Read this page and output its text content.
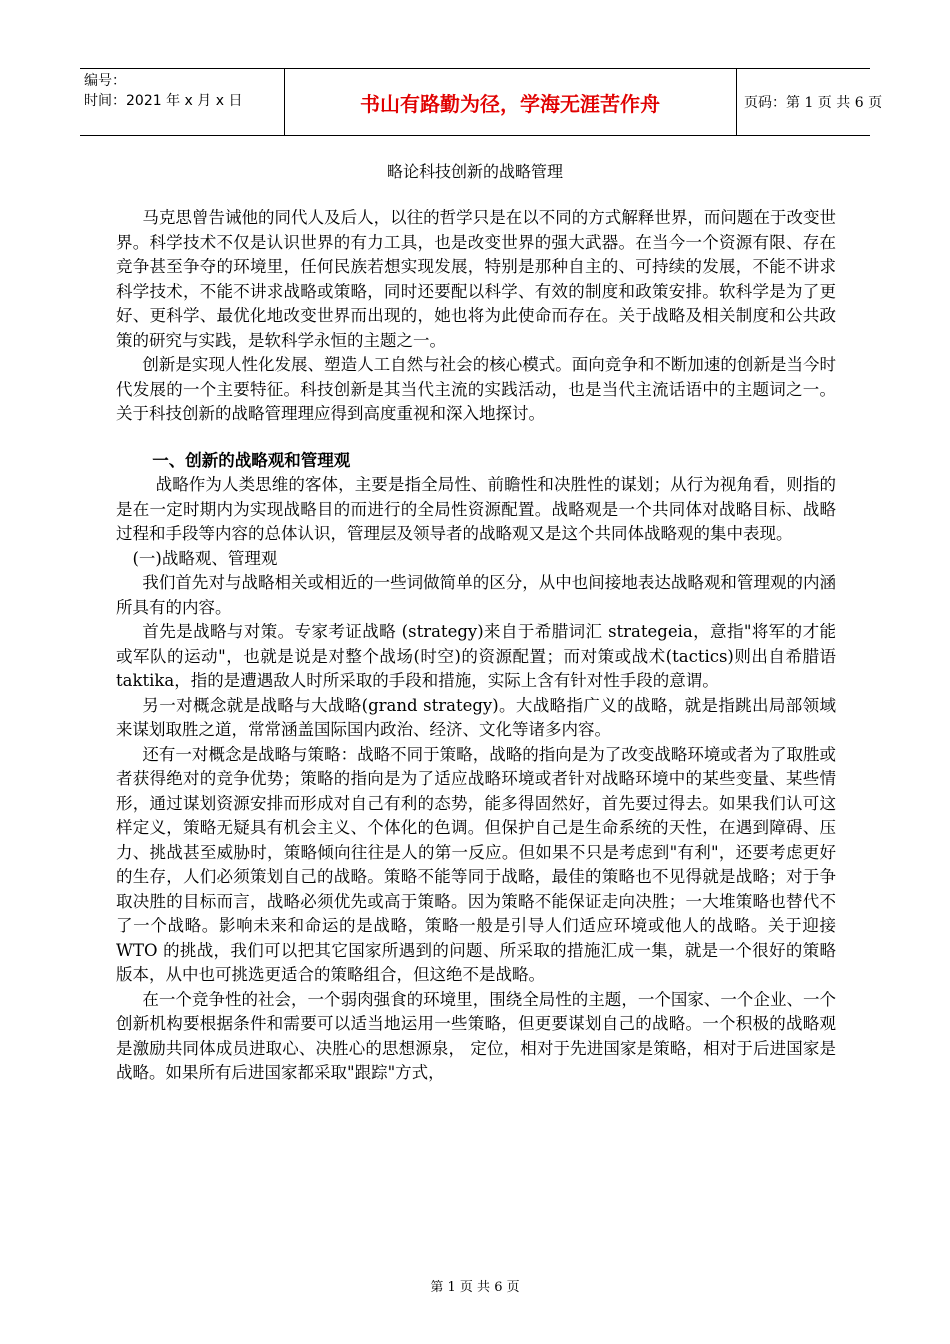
编号：
时间：2021 年 x 月 x 日	书山有路勤为径，学海无涯苦作舟	页码：第 1 页 共 6 页
略论科技创新的战略管理

马克思曾告诫他的同代人及后人，以往的哲学只是在以不同的方式解释世界，而问题在于改变世界。科学技术不仅是认识世界的有力工具，也是改变世界的强大武器。在当今一个资源有限、存在竞争甚至争夺的环境里，任何民族若想实现发展，特别是那种自主的、可持续的发展，不能不讲求科学技术，不能不讲求战略或策略，同时还要配以科学、有效的制度和政策安排。软科学是为了更好、更科学、最优化地改变世界而出现的，她也将为此使命而存在。关于战略及相关制度和公共政策的研究与实践，是软科学永恒的主题之一。

创新是实现人性化发展、塑造人工自然与社会的核心模式。面向竞争和不断加速的创新是当今时代发展的一个主要特征。科技创新是其当代主流的实践活动，也是当代主流话语中的主题词之一。关于科技创新的战略管理理应得到高度重视和深入地探讨。

一、创新的战略观和管理观

战略作为人类思维的客体，主要是指全局性、前瞻性和决胜性的谋划；从行为视角看，则指的是在一定时期内为实现战略目的而进行的全局性资源配置。战略观是一个共同体对战略目标、战略过程和手段等内容的总体认识，管理层及领导者的战略观又是这个共同体战略观的集中表现。

(一)战略观、管理观

我们首先对与战略相关或相近的一些词做简单的区分，从中也间接地表达战略观和管理观的内涵所具有的内容。

首先是战略与对策。专家考证战略 (strategy)来自于希腊词汇 strategeia，意指"将军的才能或军队的运动"，也就是说是对整个战场(时空)的资源配置；而对策或战术(tactics)则出自希腊语 taktika，指的是遭遇敌人时所采取的手段和措施，实际上含有针对性手段的意谓。

另一对概念就是战略与大战略(grand strategy)。大战略指广义的战略，就是指跳出局部领域来谋划取胜之道，常常涵盖国际国内政治、经济、文化等诸多内容。

还有一对概念是战略与策略：战略不同于策略，战略的指向是为了改变战略环境或者为了取胜或者获得绝对的竞争优势；策略的指向是为了适应战略环境或者针对战略环境中的某些变量、某些情形，通过谋划资源安排而形成对自己有利的态势，能多得固然好，首先要过得去。如果我们认可这样定义，策略无疑具有机会主义、个体化的色调。但保护自己是生命系统的天性，在遇到障碍、压力、挑战甚至威胁时，策略倾向往往是人的第一反应。但如果不只是考虑到"有利"，还要考虑更好的生存，人们必须策划自己的战略。策略不能等同于战略，最佳的策略也不见得就是战略；对于争取决胜的目标而言，战略必须优先或高于策略。因为策略不能保证走向决胜；一大堆策略也替代不了一个战略。影响未来和命运的是战略，策略一般是引导人们适应环境或他人的战略。关于迎接 WTO 的挑战，我们可以把其它国家所遇到的问题、所采取的措施汇成一集，就是一个很好的策略版本，从中也可挑选更适合的策略组合，但这绝不是战略。

在一个竞争性的社会，一个弱肉强食的环境里，围绕全局性的主题，一个国家、一个企业、一个创新机构要根据条件和需要可以适当地运用一些策略，但更要谋划自己的战略。一个积极的战略观是激励共同体成员进取心、决胜心的思想源泉， 定位，相对于先进国家是策略，相对于后进国家是 战略。如果所有后进国家都采取"跟踪"方式，

第 1 页 共 6 页
